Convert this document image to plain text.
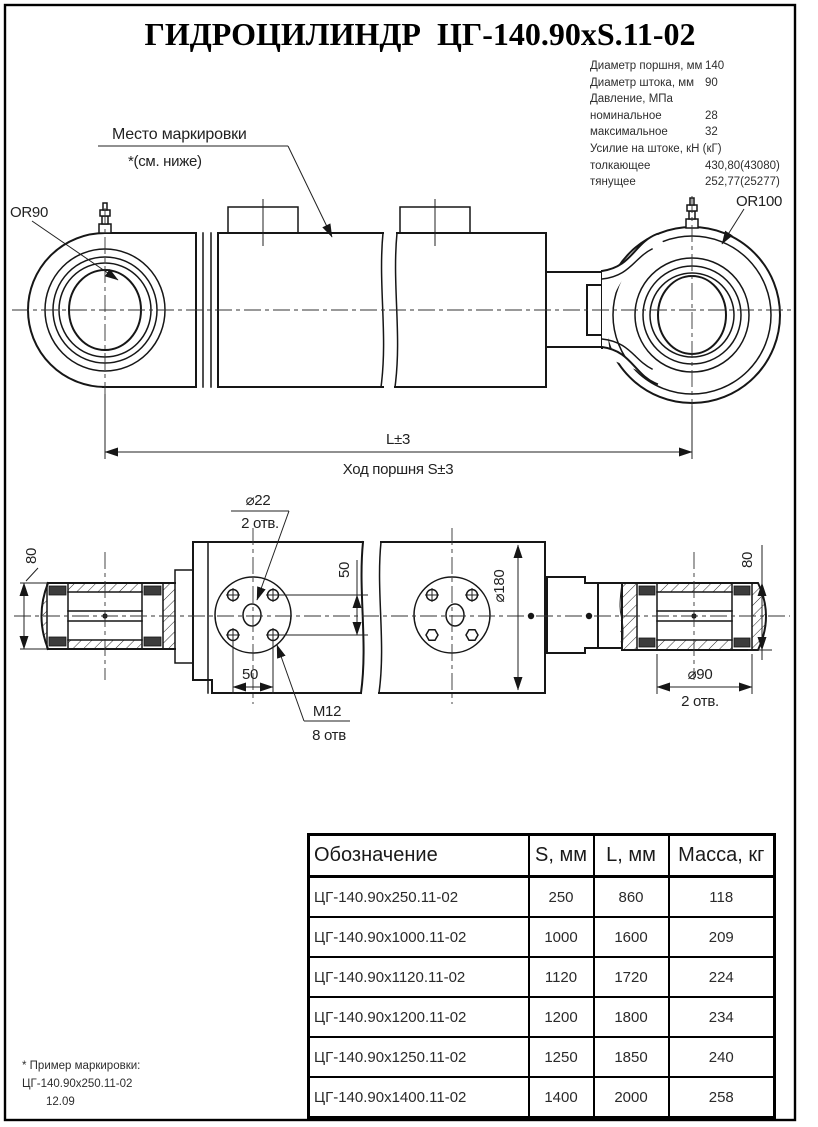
Место маркировки
*(см. ниже)
OR90
OR100
L±3
Ход поршня S±3
80
⌀22
2 отв.
50
50
M12
8 отв
⌀180
80
⌀90
2 отв.
ГИДРОЦИЛИНДР  ЦГ-140.90xS.11-02
Диаметр поршня, мм 140
Диаметр штока, мм 90
Давление, МПа
номинальное	28
максимальное	32
Усилие на штоке, кН (кГ)
толкающее	430,80(43080)
тянущее	252,77(25277)
Обозначение	S, мм	L, мм	Масса, кг
ЦГ-140.90х250.11-02	250	860	118
ЦГ-140.90х1000.11-02	1000	1600	209
ЦГ-140.90х1120.11-02	1120	1720	224
ЦГ-140.90х1200.11-02	1200	1800	234
ЦГ-140.90х1250.11-02	1250	1850	240
ЦГ-140.90х1400.11-02	1400	2000	258
* Пример маркировки:
ЦГ-140.90х250.11-02
12.09
